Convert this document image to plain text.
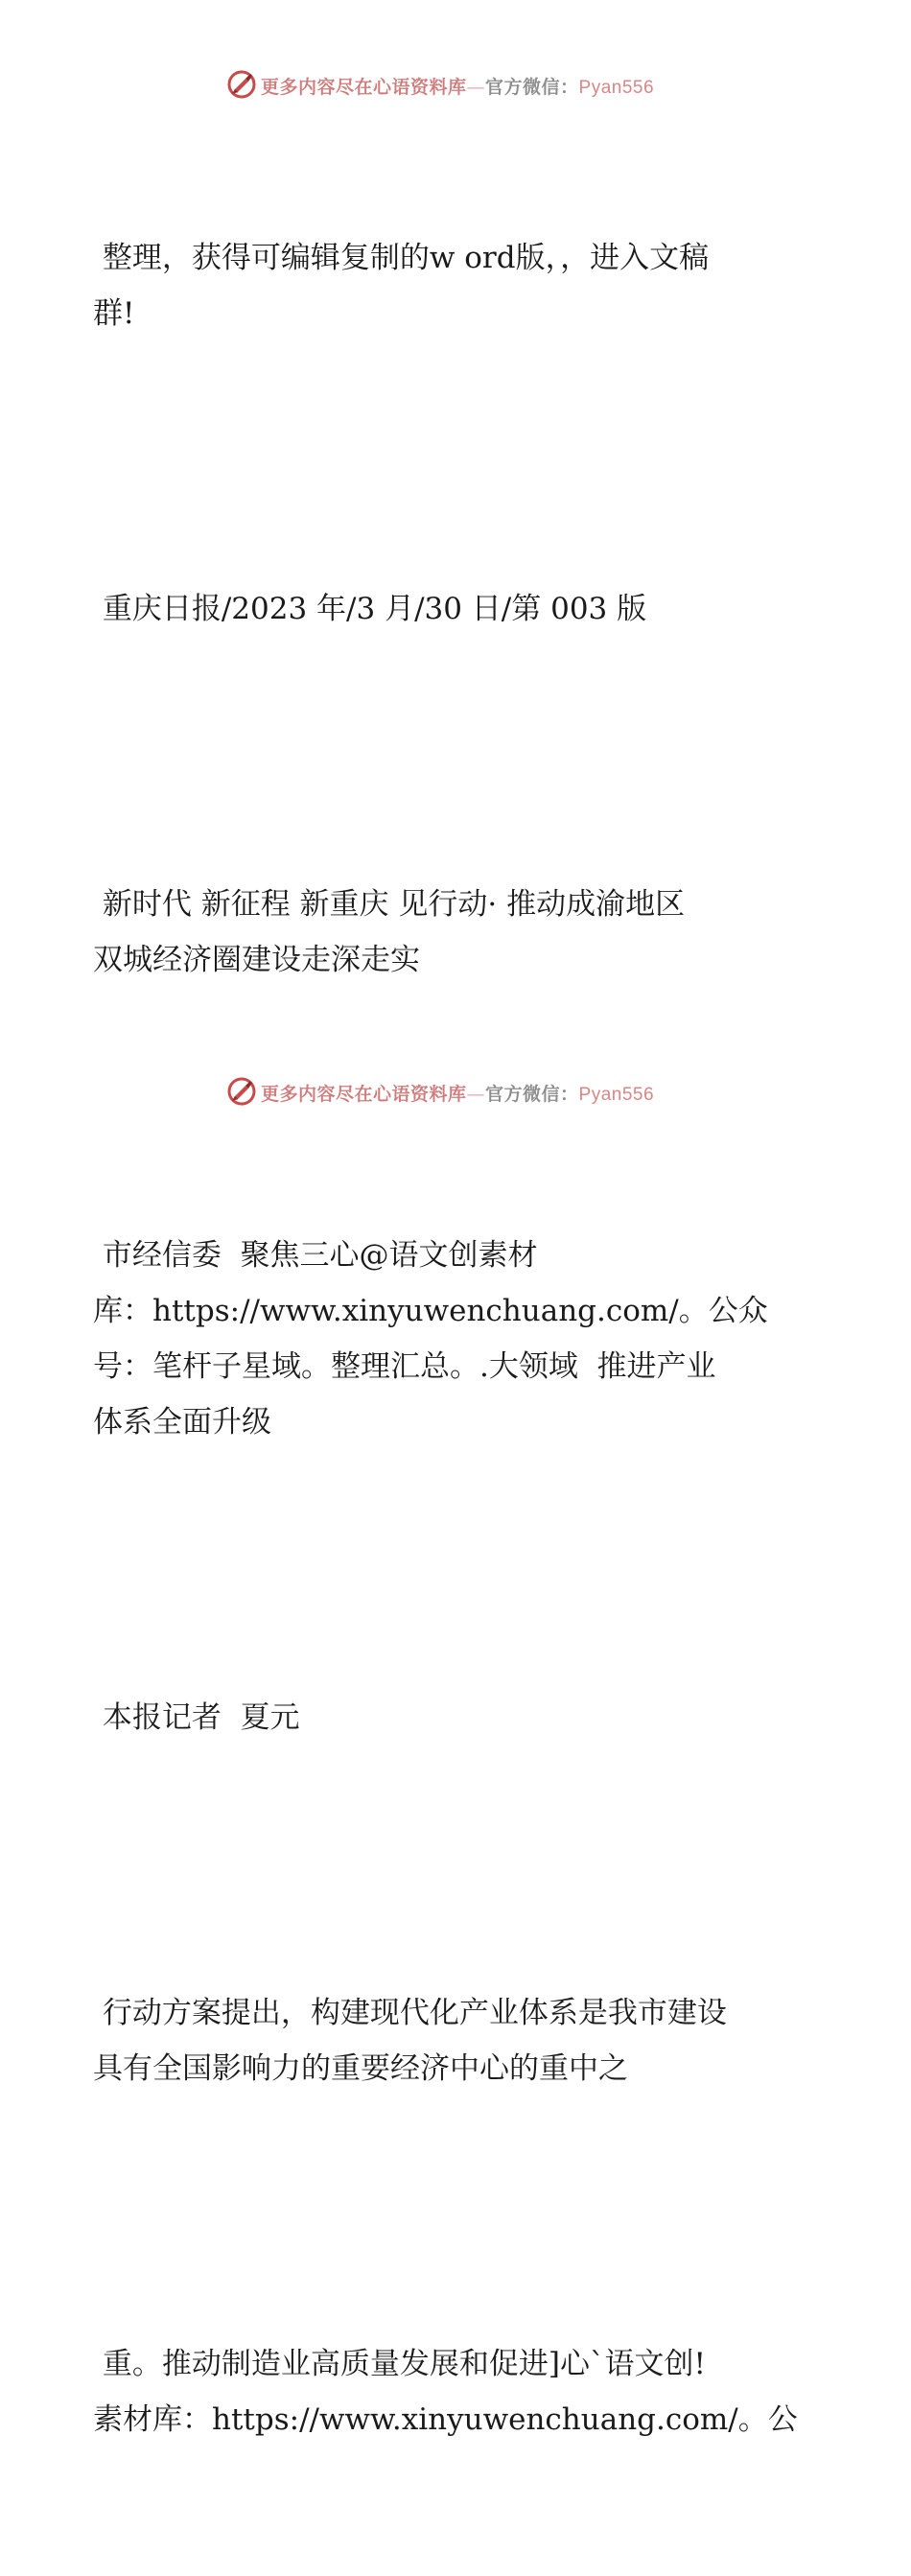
更多内容尽在心语资料库—官方微信：Pyan556

整理，获得可编辑复制的w ord版，，进入文稿
群!

重庆日报/2023 年/3 月/30 日/第 003 版

新时代 新征程 新重庆 见行动· 推动成渝地区
双城经济圈建设走深走实

市经信委  聚焦三心@语文创素材
库：https://www.xinyuwenchuang.com/。公众
号：笔杆子星域。整理汇总。.大领域  推进产业
体系全面升级

本报记者  夏元

行动方案提出，构建现代化产业体系是我市建设
具有全国影响力的重要经济中心的重中之

重。推动制造业高质量发展和促进]心`语文创!
素材库：https://www.xinyuwenchuang.com/。公

更多内容尽在心语资料库—官方微信：Pyan556
